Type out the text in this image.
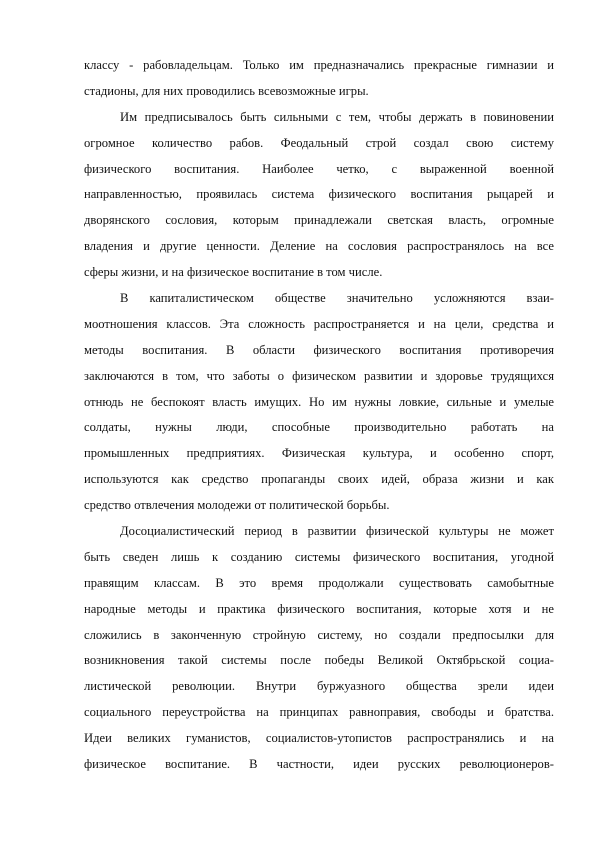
классу - рабовладельцам. Только им предназначались прекрасные гимназии и
стадионы, для них проводились всевозможные игры.
Им предписывалось быть сильными с тем, чтобы держать в повиновении
огромное количество рабов. Феодальный строй создал свою систему
физического воспитания. Наиболее четко, с выраженной военной
направленностью, проявилась система физического воспитания рыцарей и
дворянского сословия, которым принадлежали светская власть, огромные
владения и другие ценности. Деление на сословия распространялось на все
сферы жизни, и на физическое воспитание в том числе.
В капиталистическом обществе значительно усложняются взаи-
моотношения классов. Эта сложность распространяется и на цели, средства и
методы воспитания. В области физического воспитания противоречия
заключаются в том, что заботы о физическом развитии и здоровье трудящихся
отнюдь не беспокоят власть имущих. Но им нужны ловкие, сильные и умелые
солдаты, нужны люди, способные производительно работать на
промышленных предприятиях. Физическая культура, и особенно спорт,
используются как средство пропаганды своих идей, образа жизни и как
средство отвлечения молодежи от политической борьбы.
Досоциалистический период в развитии физической культуры не может
быть сведен лишь к созданию системы физического воспитания, угодной
правящим классам. В это время продолжали существовать самобытные
народные методы и практика физического воспитания, которые хотя и не
сложились в законченную стройную систему, но создали предпосылки для
возникновения такой системы после победы Великой Октябрьской социа-
листической революции. Внутри буржуазного общества зрели идеи
социального переустройства на принципах равноправия, свободы и братства.
Идеи великих гуманистов, социалистов-утопистов распространялись и на
физическое воспитание. В частности, идеи русских революционеров-
